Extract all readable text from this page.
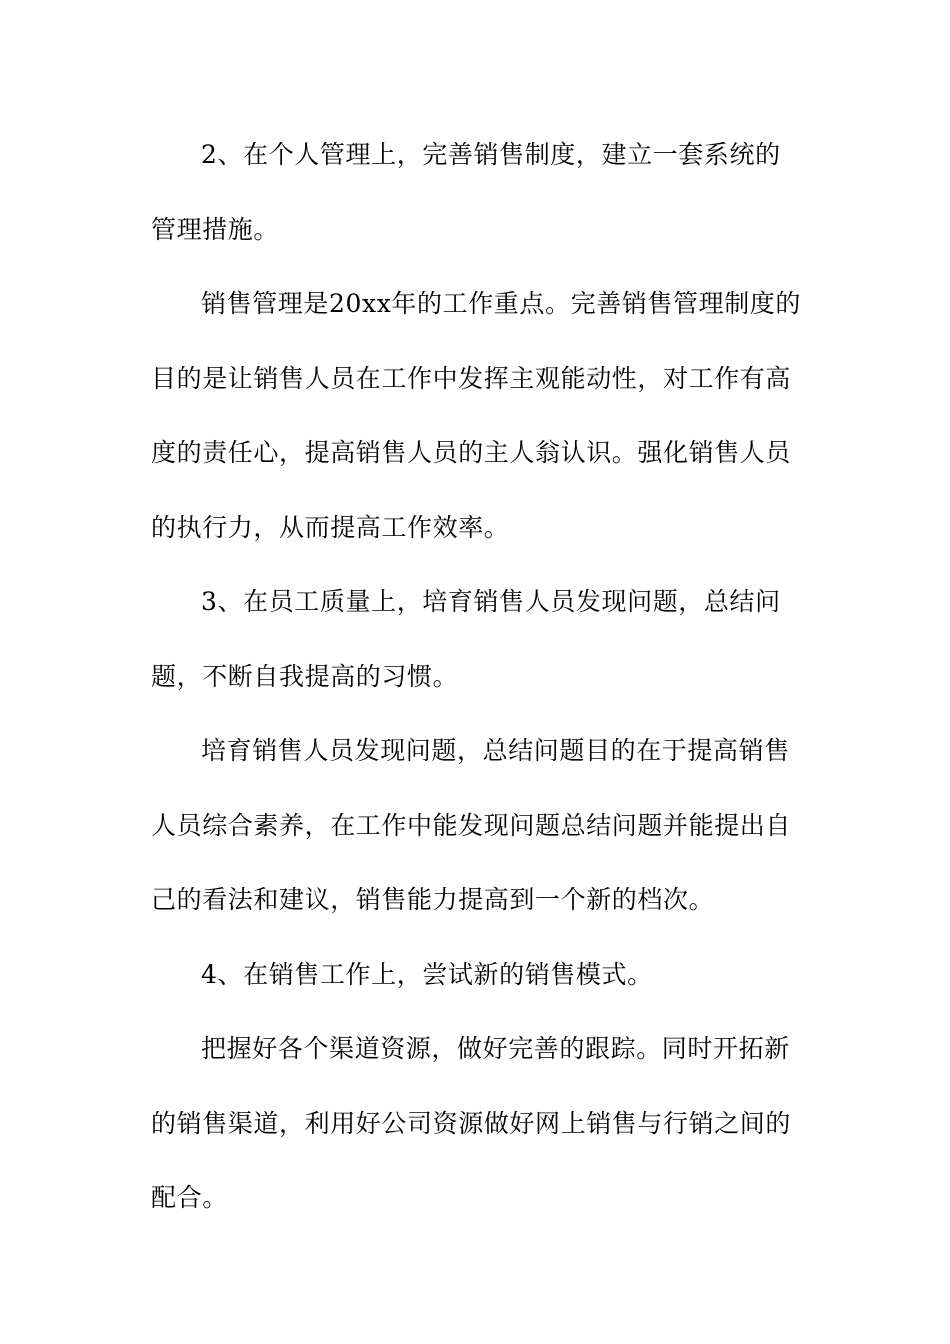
2、在个人管理上，完善销售制度，建立一套系统的管理措施。

销售管理是20xx年的工作重点。完善销售管理制度的目的是让销售人员在工作中发挥主观能动性，对工作有高度的责任心，提高销售人员的主人翁认识。强化销售人员的执行力，从而提高工作效率。

3、在员工质量上，培育销售人员发现问题，总结问题，不断自我提高的习惯。

培育销售人员发现问题，总结问题目的在于提高销售人员综合素养，在工作中能发现问题总结问题并能提出自己的看法和建议，销售能力提高到一个新的档次。

4、在销售工作上，尝试新的销售模式。

把握好各个渠道资源，做好完善的跟踪。同时开拓新的销售渠道，利用好公司资源做好网上销售与行销之间的配合。
